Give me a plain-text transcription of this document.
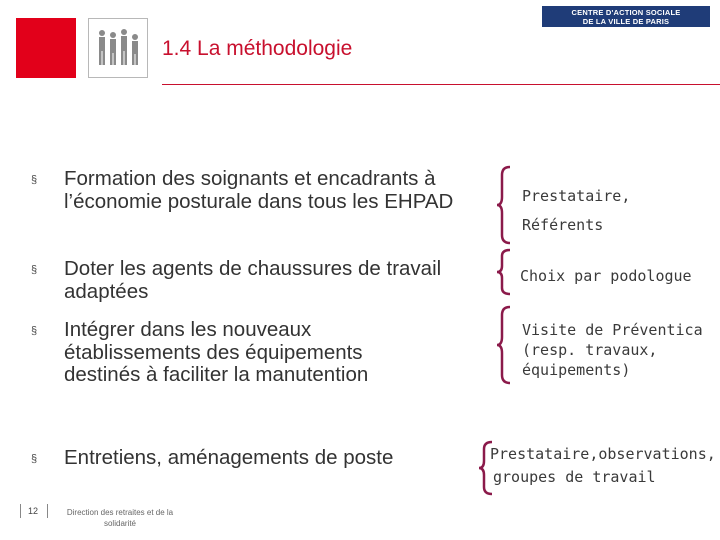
1.4 La méthodologie
CENTRE D'ACTION SOCIALE
DE LA VILLE DE PARIS
§ Formation des soignants et encadrants à l’économie posturale dans tous les EHPAD
§ Doter les agents de chaussures de travail adaptées
§ Intégrer dans les nouveaux établissements des équipements destinés à faciliter la manutention
§ Entretiens, aménagements de poste
Prestataire,
Référents
Choix par podologue
Visite de Préventica
(resp. travaux,
équipements)
Prestataire,observations,
groupes de travail
12	Direction des retraites et de la
solidarité
